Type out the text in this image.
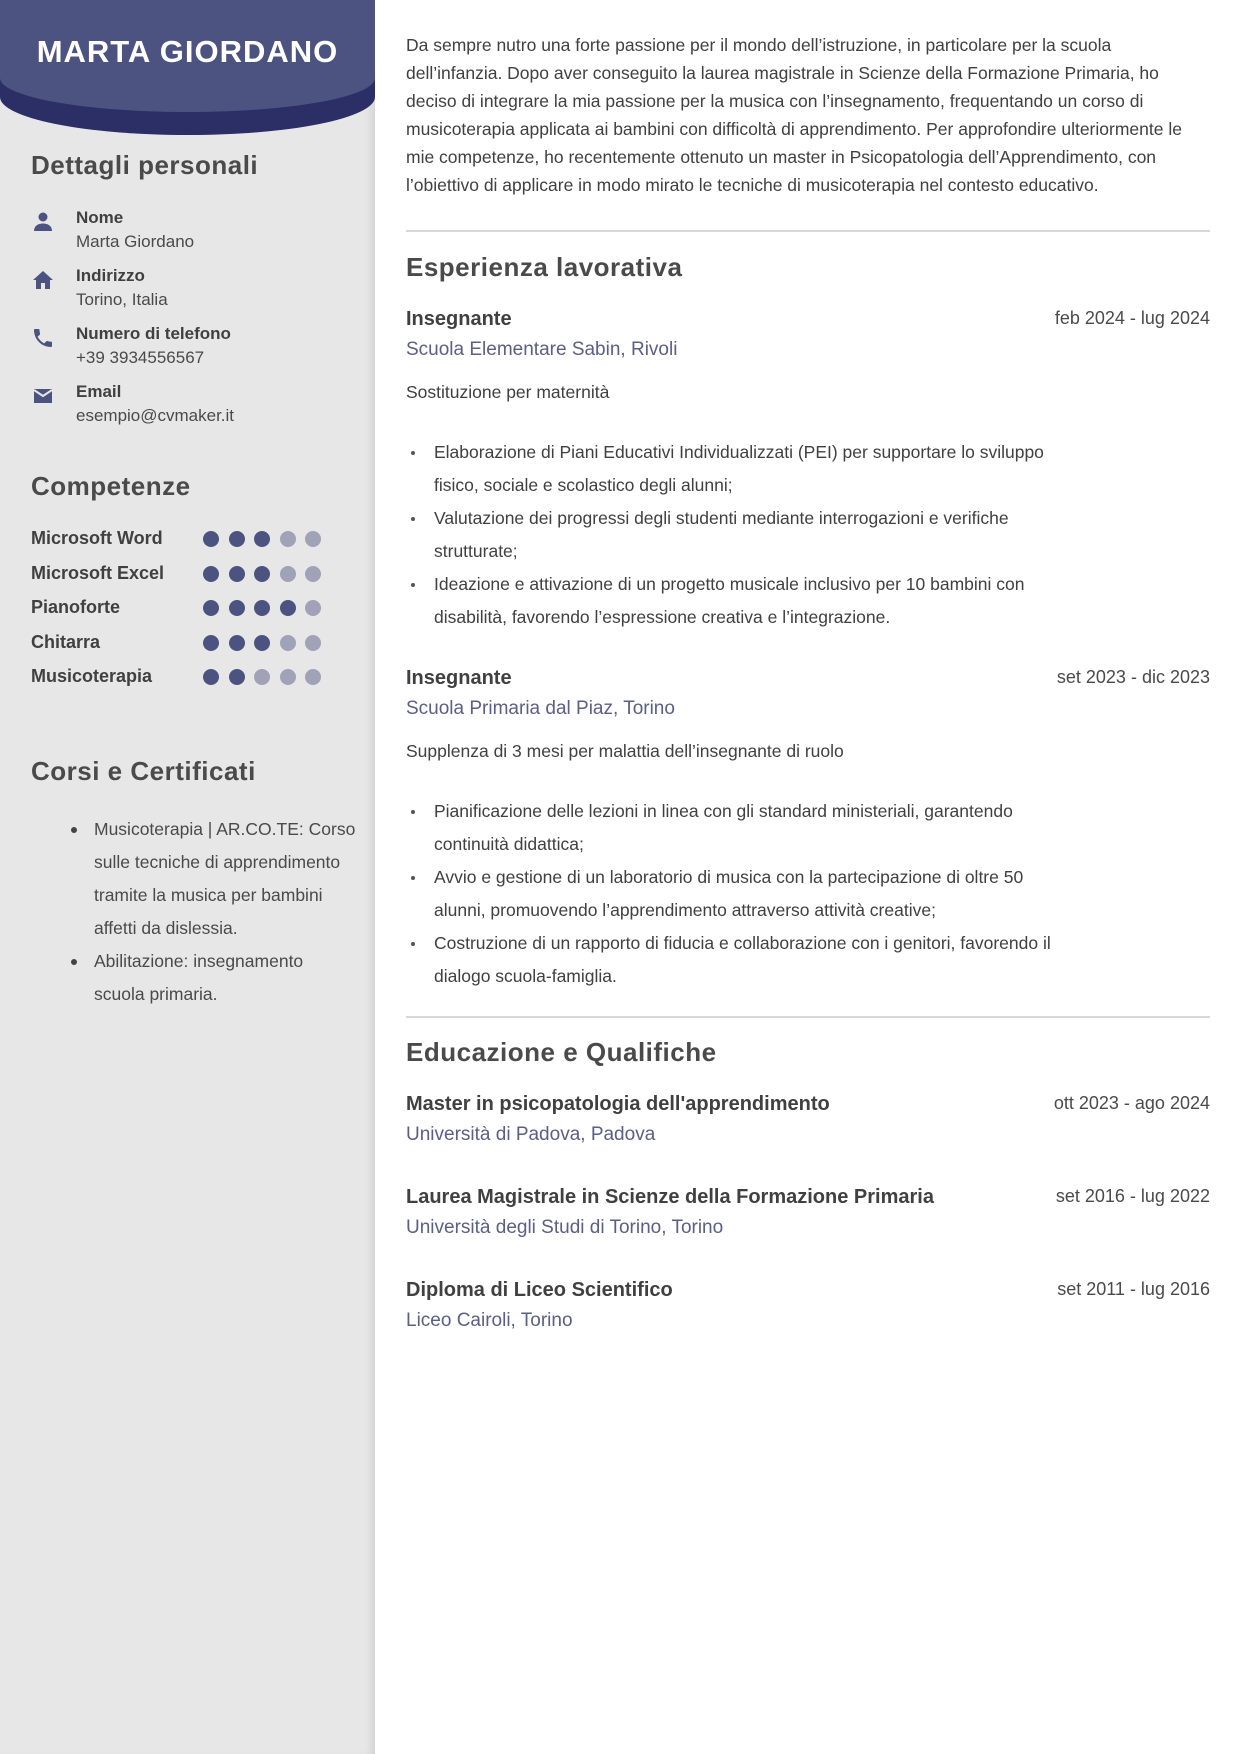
MARTA GIORDANO
Dettagli personali
Nome
Marta Giordano
Indirizzo
Torino, Italia
Numero di telefono
+39 3934556567
Email
esempio@cvmaker.it
Competenze
Microsoft Word
Microsoft Excel
Pianoforte
Chitarra
Musicoterapia
Corsi e Certificati
Musicoterapia | AR.CO.TE: Corso sulle tecniche di apprendimento tramite la musica per bambini affetti da dislessia.
Abilitazione: insegnamento scuola primaria.
Da sempre nutro una forte passione per il mondo dell’istruzione, in particolare per la scuola dell’infanzia. Dopo aver conseguito la laurea magistrale in Scienze della Formazione Primaria, ho deciso di integrare la mia passione per la musica con l’insegnamento, frequentando un corso di musicoterapia applicata ai bambini con difficoltà di apprendimento. Per approfondire ulteriormente le mie competenze, ho recentemente ottenuto un master in Psicopatologia dell’Apprendimento, con l’obiettivo di applicare in modo mirato le tecniche di musicoterapia nel contesto educativo.
Esperienza lavorativa
Insegnante	feb 2024 - lug 2024
Scuola Elementare Sabin, Rivoli
Sostituzione per maternità
Elaborazione di Piani Educativi Individualizzati (PEI) per supportare lo sviluppo fisico, sociale e scolastico degli alunni;
Valutazione dei progressi degli studenti mediante interrogazioni e verifiche strutturate;
Ideazione e attivazione di un progetto musicale inclusivo per 10 bambini con disabilità, favorendo l’espressione creativa e l’integrazione.
Insegnante	set 2023 - dic 2023
Scuola Primaria dal Piaz, Torino
Supplenza di 3 mesi per malattia dell’insegnante di ruolo
Pianificazione delle lezioni in linea con gli standard ministeriali, garantendo continuità didattica;
Avvio e gestione di un laboratorio di musica con la partecipazione di oltre 50 alunni, promuovendo l’apprendimento attraverso attività creative;
Costruzione di un rapporto di fiducia e collaborazione con i genitori, favorendo il dialogo scuola-famiglia.
Educazione e Qualifiche
Master in psicopatologia dell'apprendimento	ott 2023 - ago 2024
Università di Padova, Padova
Laurea Magistrale in Scienze della Formazione Primaria	set 2016 - lug 2022
Università degli Studi di Torino, Torino
Diploma di Liceo Scientifico	set 2011 - lug 2016
Liceo Cairoli, Torino
